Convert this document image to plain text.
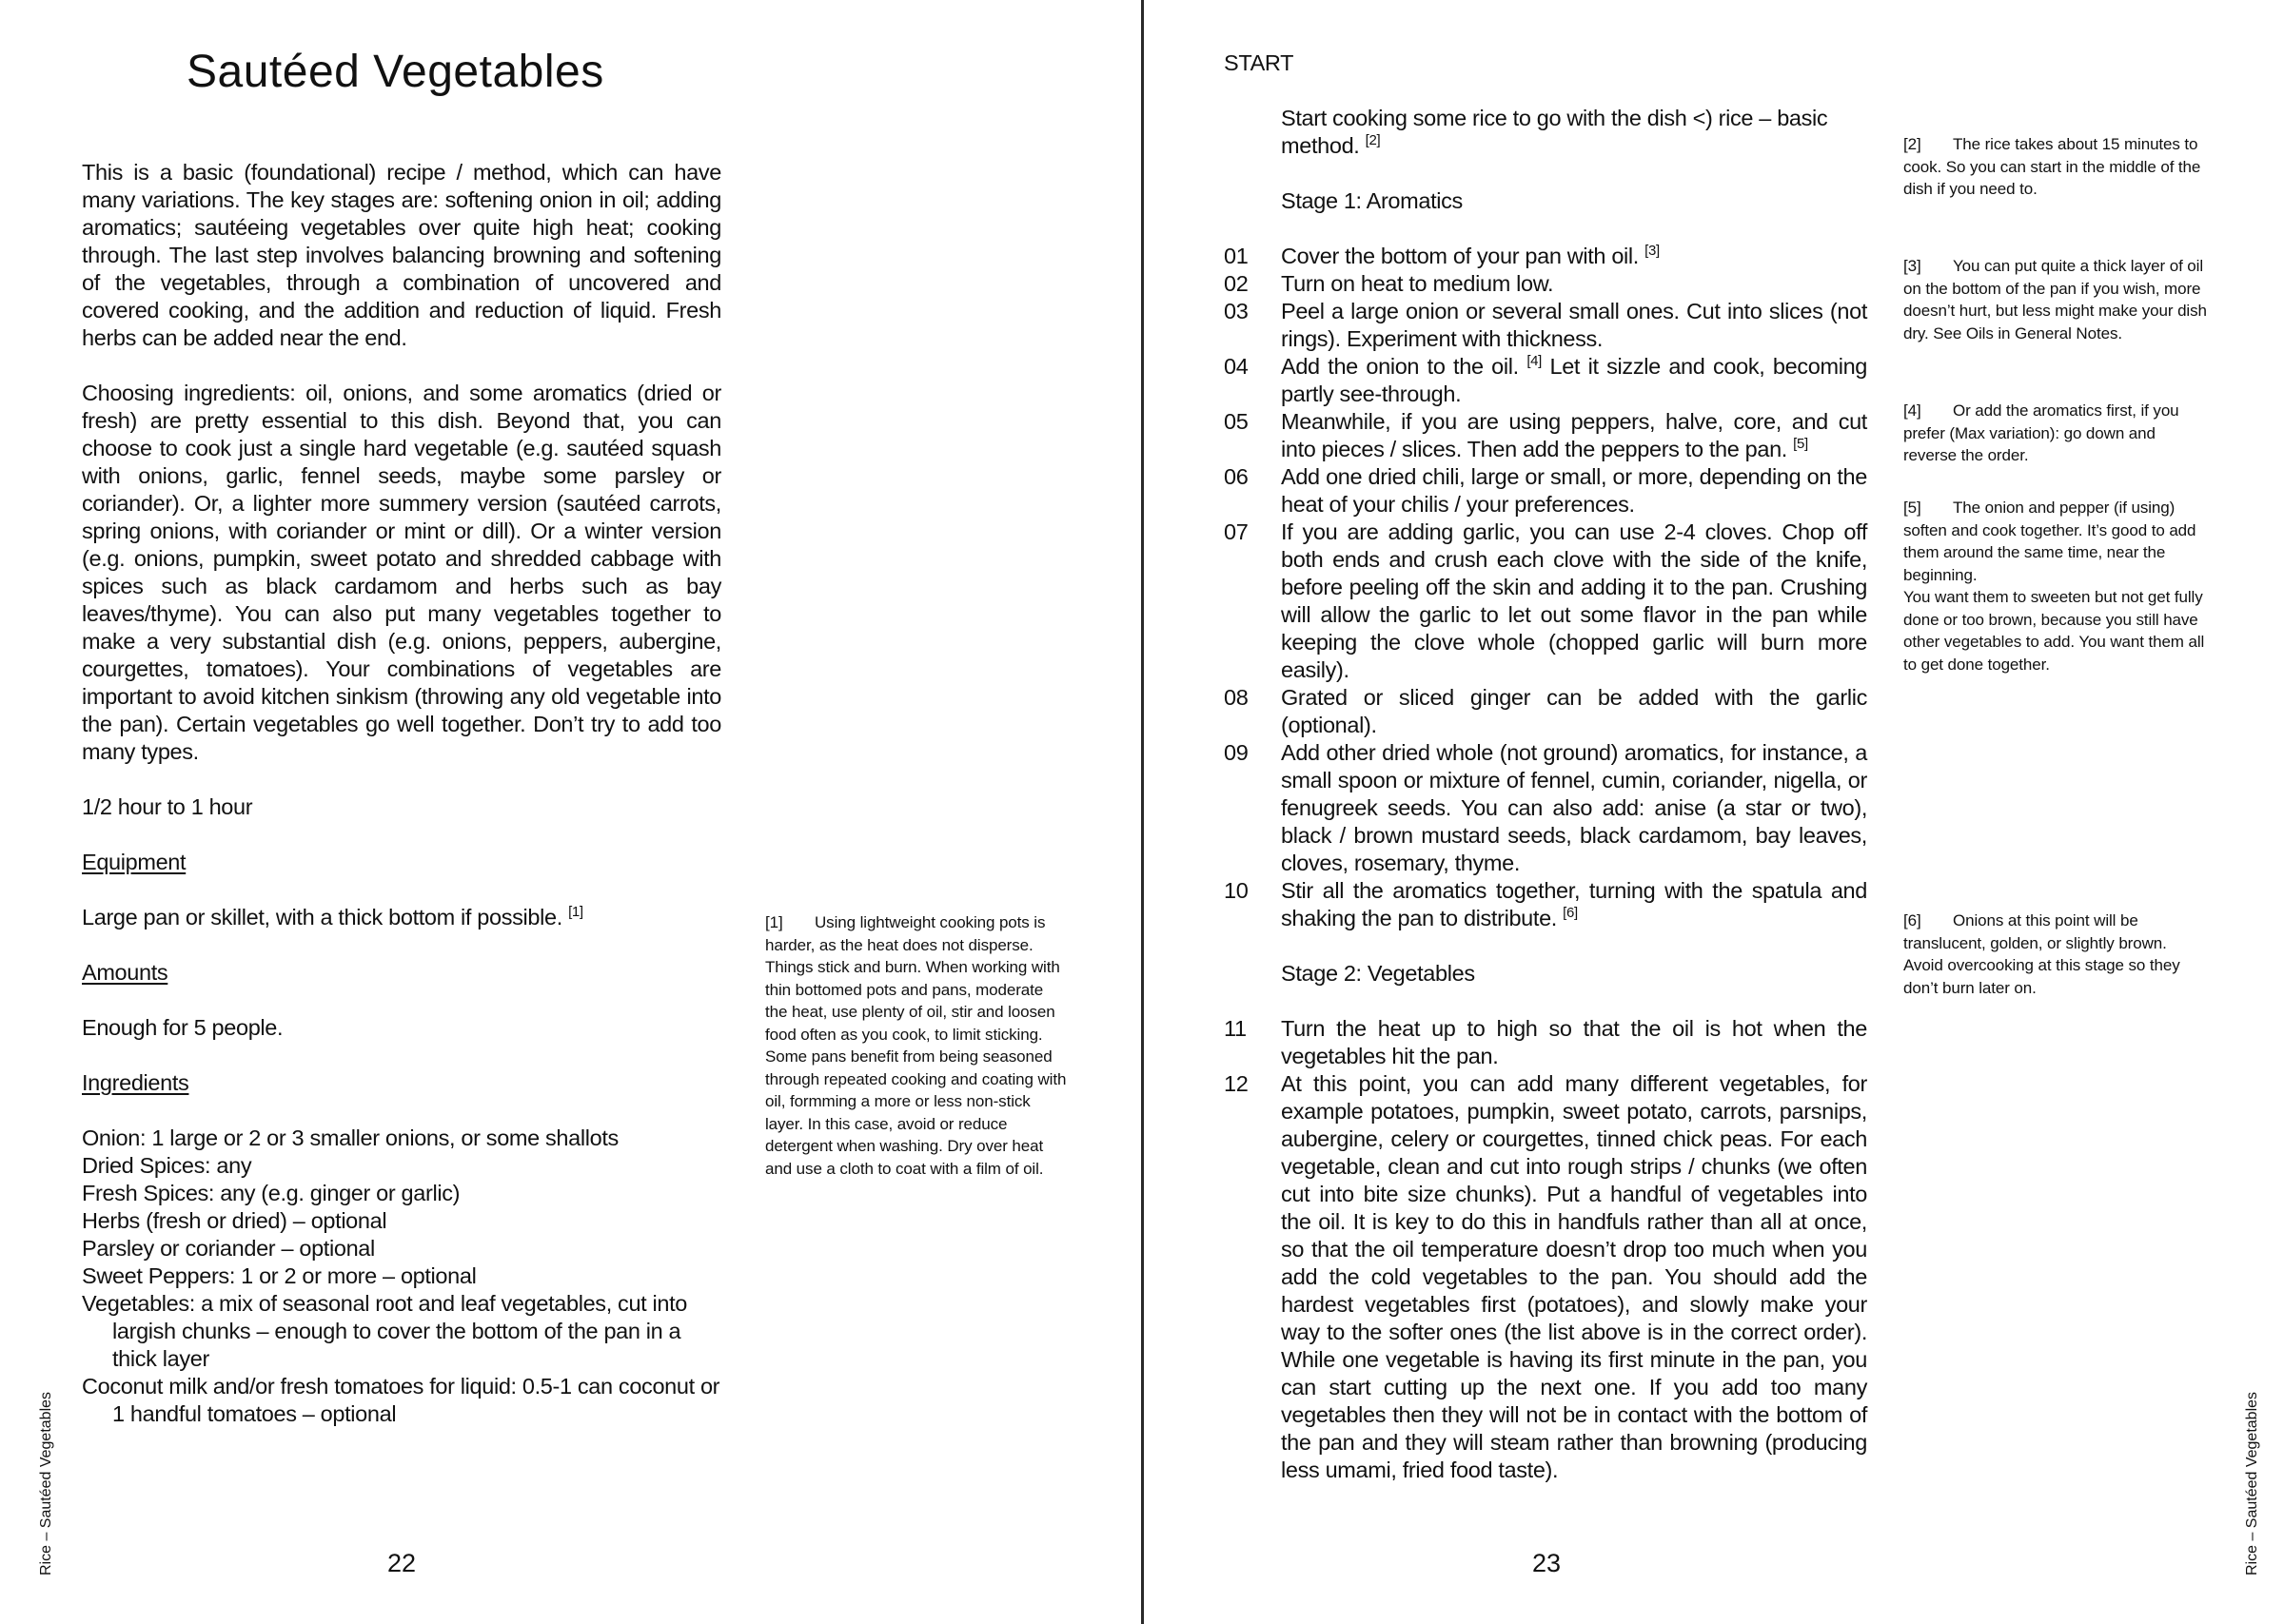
Sautéed Vegetables

This is a basic (foundational) recipe / method, which can have many variations. The key stages are: softening onion in oil; adding aromatics; sautéeing vegetables over quite high heat; cooking through. The last step involves balancing browning and softening of the vegetables, through a combination of uncovered and covered cooking, and the addition and reduction of liquid. Fresh herbs can be added near the end.

Choosing ingredients: oil, onions, and some aromatics (dried or fresh) are pretty essential to this dish. Beyond that, you can choose to cook just a single hard vegetable (e.g. sautéed squash with onions, garlic, fennel seeds, maybe some parsley or coriander). Or, a lighter more summery version (sautéed carrots, spring onions, with coriander or mint or dill). Or a winter version (e.g. onions, pumpkin, sweet potato and shredded cabbage with spices such as black cardamom and herbs such as bay leaves/thyme). You can also put many vegetables together to make a very substantial dish (e.g. onions, peppers, aubergine, courgettes, tomatoes). Your combinations of vegetables are important to avoid kitchen sinkism (throwing any old vegetable into the pan). Certain vegetables go well together. Don’t try to add too many types.

1/2 hour to 1 hour

Equipment

Large pan or skillet, with a thick bottom if possible. [1]

Amounts

Enough for 5 people.

Ingredients

Onion: 1 large or 2 or 3 smaller onions, or some shallots
Dried Spices: any
Fresh Spices: any (e.g. ginger or garlic)
Herbs (fresh or dried) – optional
Parsley or coriander – optional
Sweet Peppers: 1 or 2 or more – optional
Vegetables: a mix of seasonal root and leaf vegetables, cut into largish chunks – enough to cover the bottom of the pan in a thick layer
Coconut milk and/or fresh tomatoes for liquid: 0.5-1 can coconut or 1 handful tomatoes – optional
[1] Using lightweight cooking pots is harder, as the heat does not disperse. Things stick and burn. When working with thin bottomed pots and pans, moderate the heat, use plenty of oil, stir and loosen food often as you cook, to limit sticking. Some pans benefit from being seasoned through repeated cooking and coating with oil, formming a more or less non-stick layer. In this case, avoid or reduce detergent when washing. Dry over heat and use a cloth to coat with a film of oil.
Rice – Sautéed Vegetables	22
START
Start cooking some rice to go with the dish <) rice – basic method. [2]
Stage 1: Aromatics
01	Cover the bottom of your pan with oil. [3]
02	Turn on heat to medium low.
03	Peel a large onion or several small ones. Cut into slices (not rings). Experiment with thickness.
04	Add the onion to the oil. [4] Let it sizzle and cook, becoming partly see-through.
05	Meanwhile, if you are using peppers, halve, core, and cut into pieces / slices. Then add the peppers to the pan. [5]
06	Add one dried chili, large or small, or more, depending on the heat of your chilis / your preferences.
07	If you are adding garlic, you can use 2-4 cloves. Chop off both ends and crush each clove with the side of the knife, before peeling off the skin and adding it to the pan. Crushing will allow the garlic to let out some flavor in the pan while keeping the clove whole (chopped garlic will burn more easily).
08	Grated or sliced ginger can be added with the garlic (optional).
09	Add other dried whole (not ground) aromatics, for instance, a small spoon or mixture of fennel, cumin, coriander, nigella, or fenugreek seeds. You can also add: anise (a star or two), black / brown mustard seeds, black cardamom, bay leaves, cloves, rosemary, thyme.
10	Stir all the aromatics together, turning with the spatula and shaking the pan to distribute. [6]
Stage 2: Vegetables
11	Turn the heat up to high so that the oil is hot when the vegetables hit the pan.
12	At this point, you can add many different vegetables, for example potatoes, pumpkin, sweet potato, carrots, parsnips, aubergine, celery or courgettes, tinned chick peas. For each vegetable, clean and cut into rough strips / chunks (we often cut into bite size chunks). Put a handful of vegetables into the oil. It is key to do this in handfuls rather than all at once, so that the oil temperature doesn’t drop too much when you add the cold vegetables to the pan. You should add the hardest vegetables first (potatoes), and slowly make your way to the softer ones (the list above is in the correct order). While one vegetable is having its first minute in the pan, you can start cutting up the next one. If you add too many vegetables then they will not be in contact with the bottom of the pan and they will steam rather than browning (producing less umami, fried food taste).
[2] The rice takes about 15 minutes to cook. So you can start in the middle of the dish if you need to.
[3] You can put quite a thick layer of oil on the bottom of the pan if you wish, more doesn’t hurt, but less might make your dish dry. See Oils in General Notes.
[4] Or add the aromatics first, if you prefer (Max variation): go down and reverse the order.
[5] The onion and pepper (if using) soften and cook together. It’s good to add them around the same time, near the beginning.
You want them to sweeten but not get fully done or too brown, because you still have other vegetables to add. You want them all to get done together.
[6] Onions at this point will be translucent, golden, or slightly brown. Avoid overcooking at this stage so they don’t burn later on.
23	Rice – Sautéed Vegetables
